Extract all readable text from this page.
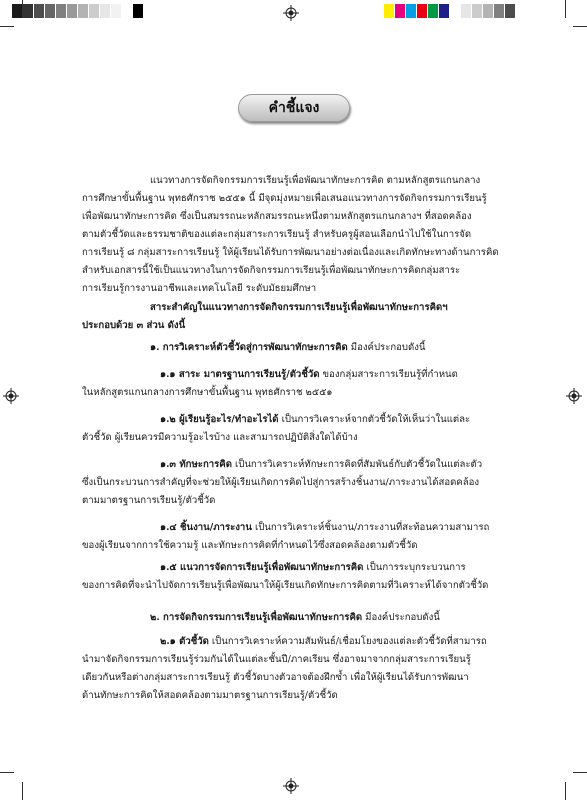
คำชี้แจง
แนวทางการจัดกิจกรรมการเรียนรู้เพื่อพัฒนาทักษะการคิด ตามหลักสูตรแกนกลาง
การศึกษาขั้นพื้นฐาน พุทธศักราช ๒๕๕๑ นี้ มีจุดมุ่งหมายเพื่อเสนอแนวทางการจัดกิจกรรมการเรียนรู้
เพื่อพัฒนาทักษะการคิด ซึ่งเป็นสมรรถนะหลักสมรรถนะหนึ่งตามหลักสูตรแกนกลางฯ ที่สอดคล้อง
ตามตัวชี้วัดและธรรมชาติของแต่ละกลุ่มสาระการเรียนรู้ สำหรับครูผู้สอนเลือกนำไปใช้ในการจัด
การเรียนรู้ ๘ กลุ่มสาระการเรียนรู้ ให้ผู้เรียนได้รับการพัฒนาอย่างต่อเนื่องและเกิดทักษะทางด้านการคิด
สำหรับเอกสารนี้ใช้เป็นแนวทางในการจัดกิจกรรมการเรียนรู้เพื่อพัฒนาทักษะการคิดกลุ่มสาระ
การเรียนรู้การงานอาชีพและเทคโนโลยี ระดับมัธยมศึกษา
สาระสำคัญในแนวทางการจัดกิจกรรมการเรียนรู้เพื่อพัฒนาทักษะการคิดฯ
ประกอบด้วย ๓ ส่วน ดังนี้
๑. การวิเคราะห์ตัวชี้วัดสู่การพัฒนาทักษะการคิด มีองค์ประกอบดังนี้
๑.๑ สาระ มาตรฐานการเรียนรู้/ตัวชี้วัด ของกลุ่มสาระการเรียนรู้ที่กำหนด
ในหลักสูตรแกนกลางการศึกษาขั้นพื้นฐาน พุทธศักราช ๒๕๕๑
๑.๒ ผู้เรียนรู้อะไร/ทำอะไรได้ เป็นการวิเคราะห์จากตัวชี้วัดให้เห็นว่าในแต่ละ
ตัวชี้วัด ผู้เรียนควรมีความรู้อะไรบ้าง และสามารถปฏิบัติสิ่งใดได้บ้าง
๑.๓ ทักษะการคิด เป็นการวิเคราะห์ทักษะการคิดที่สัมพันธ์กับตัวชี้วัดในแต่ละตัว
ซึ่งเป็นกระบวนการสำคัญที่จะช่วยให้ผู้เรียนเกิดการคิดไปสู่การสร้างชิ้นงาน/ภาระงานได้สอดคล้อง
ตามมาตรฐานการเรียนรู้/ตัวชี้วัด
๑.๔ ชิ้นงาน/ภาระงาน เป็นการวิเคราะห์ชิ้นงาน/ภาระงานที่สะท้อนความสามารถ
ของผู้เรียนจากการใช้ความรู้ และทักษะการคิดที่กำหนดไว้ซึ่งสอดคล้องตามตัวชี้วัด
๑.๕ แนวการจัดการเรียนรู้เพื่อพัฒนาทักษะการคิด เป็นการระบุกระบวนการ
ของการคิดที่จะนำไปจัดการเรียนรู้เพื่อพัฒนาให้ผู้เรียนเกิดทักษะการคิดตามที่วิเคราะห์ได้จากตัวชี้วัด
๒. การจัดกิจกรรมการเรียนรู้เพื่อพัฒนาทักษะการคิด มีองค์ประกอบดังนี้
๒.๑ ตัวชี้วัด เป็นการวิเคราะห์ความสัมพันธ์/เชื่อมโยงของแต่ละตัวชี้วัดที่สามารถ
นำมาจัดกิจกรรมการเรียนรู้ร่วมกันได้ในแต่ละชั้นปี/ภาคเรียน ซึ่งอาจมาจากกลุ่มสาระการเรียนรู้
เดียวกันหรือต่างกลุ่มสาระการเรียนรู้ ตัวชี้วัดบางตัวอาจต้องฝึกซ้ำ เพื่อให้ผู้เรียนได้รับการพัฒนา
ด้านทักษะการคิดให้สอดคล้องตามมาตรฐานการเรียนรู้/ตัวชี้วัด
